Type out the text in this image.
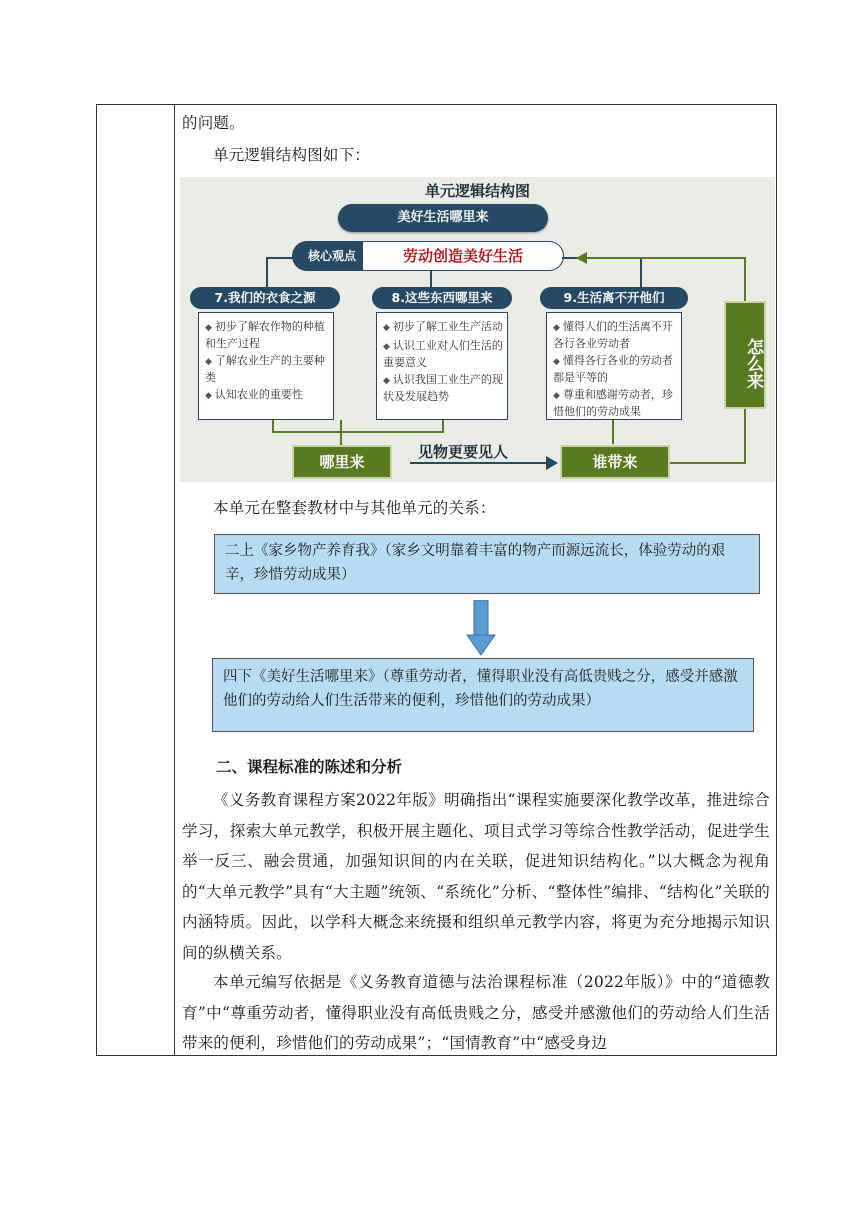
的问题。

单元逻辑结构图如下：

单元逻辑结构图
美好生活哪里来
核心观点	劳动创造美好生活
7.我们的衣食之源

◆ 初步了解农作物的种植和生产过程

◆ 了解农业生产的主要种类

◆ 认知农业的重要性

8.这些东西哪里来

◆ 初步了解工业生产活动

◆ 认识工业对人们生活的重要意义

◆ 认识我国工业生产的现状及发展趋势

9.生活离不开他们

◆ 懂得人们的生活离不开各行各业劳动者

◆ 懂得各行各业的劳动者都是平等的

◆ 尊重和感谢劳动者，珍惜他们的劳动成果

哪里来
见物更要见人
谁带来
怎么来

本单元在整套教材中与其他单元的关系：

二上《家乡物产养育我》（家乡文明靠着丰富的物产而源远流长，体验劳动的艰辛，珍惜劳动成果）

四下《美好生活哪里来》（尊重劳动者，懂得职业没有高低贵贱之分，感受并感激他们的劳动给人们生活带来的便利，珍惜他们的劳动成果）

二、课程标准的陈述和分析

《义务教育课程方案2022年版》明确指出“课程实施要深化教学改革，推进综合学习，探索大单元教学，积极开展主题化、项目式学习等综合性教学活动，促进学生举一反三、融会贯通，加强知识间的内在关联，促进知识结构化。”以大概念为视角的“大单元教学”具有“大主题”统领、“系统化”分析、“整体性”编排、“结构化”关联的内涵特质。因此，以学科大概念来统摄和组织单元教学内容，将更为充分地揭示知识间的纵横关系。

本单元编写依据是《义务教育道德与法治课程标准（2022年版）》中的“道德教育”中“尊重劳动者，懂得职业没有高低贵贱之分，感受并感激他们的劳动给人们生活带来的便利，珍惜他们的劳动成果”；“国情教育”中“感受身边
